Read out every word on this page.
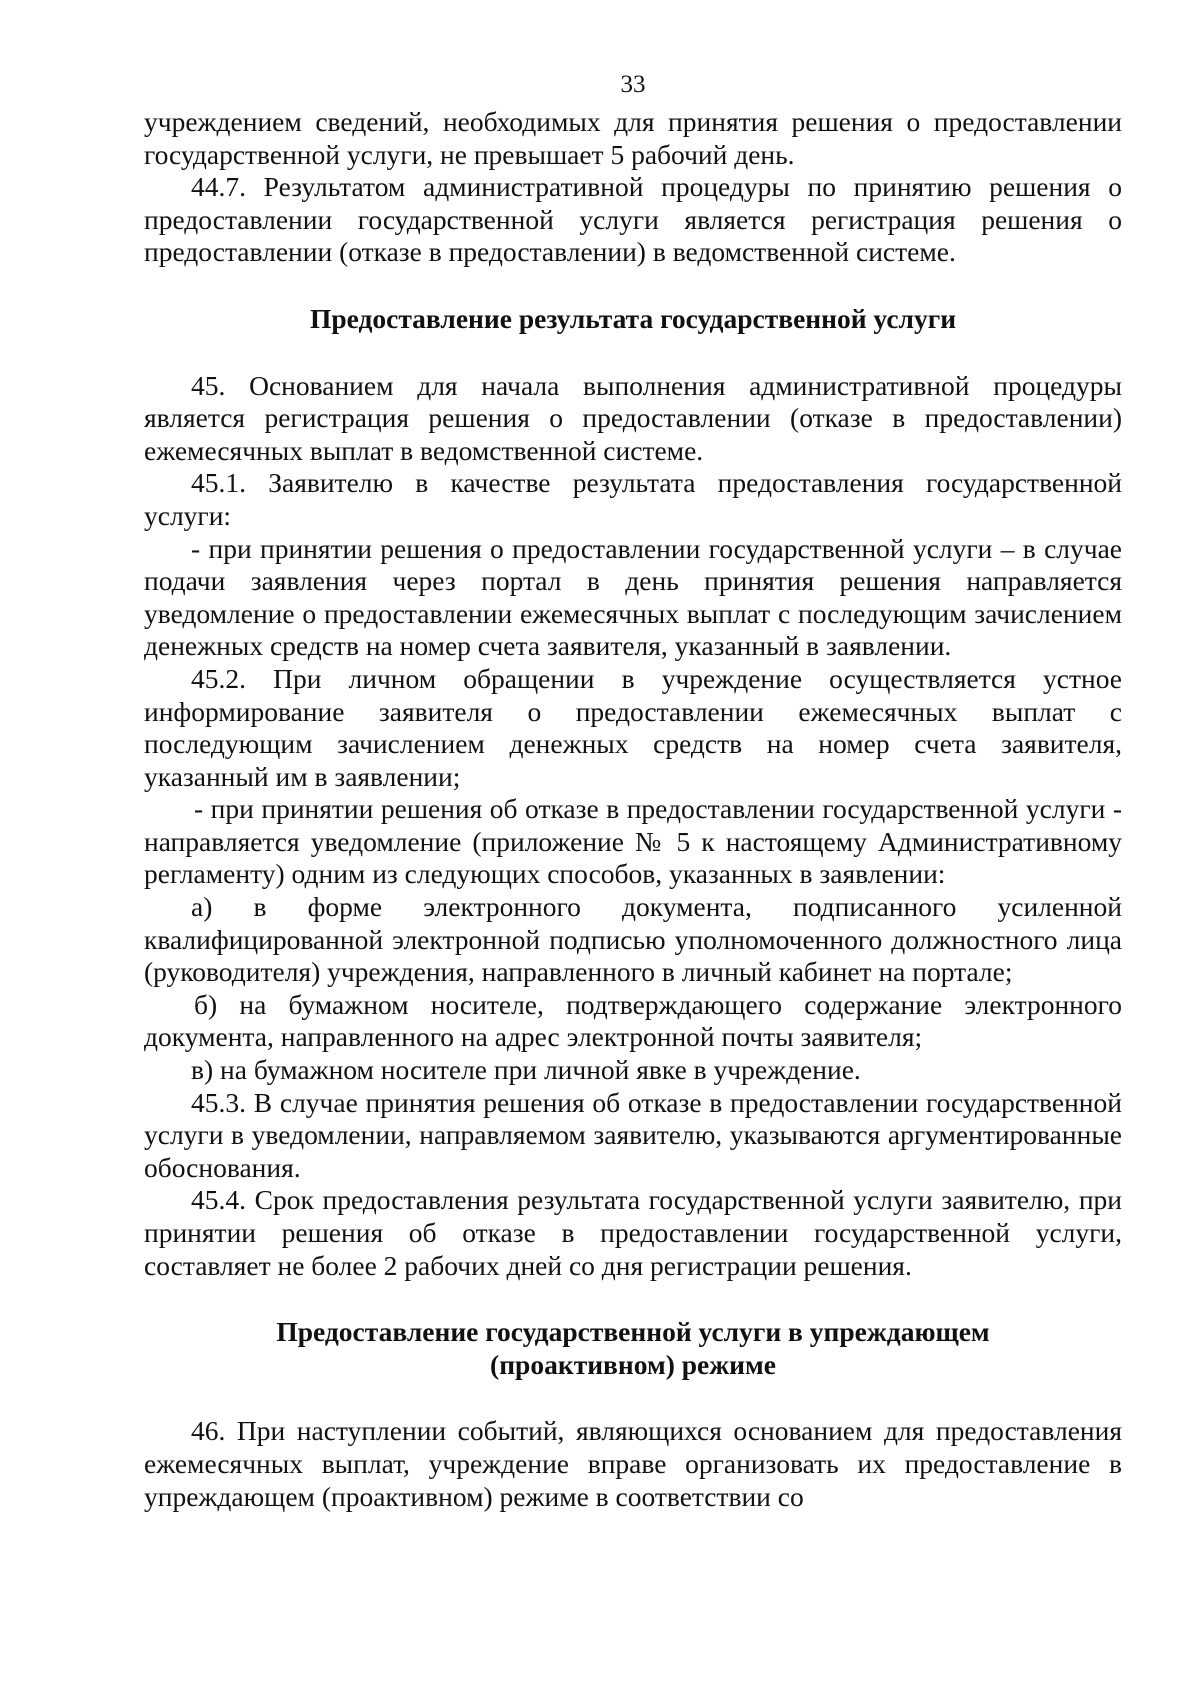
33

учреждением сведений, необходимых для принятия решения о предоставлении государственной услуги, не превышает 5 рабочий день.

44.7. Результатом административной процедуры по принятию решения о предоставлении государственной услуги является регистрация решения о предоставлении (отказе в предоставлении) в ведомственной системе.

Предоставление результата государственной услуги

45. Основанием для начала выполнения административной процедуры является регистрация решения о предоставлении (отказе в предоставлении) ежемесячных выплат в ведомственной системе.

45.1. Заявителю в качестве результата предоставления государственной услуги:

- при принятии решения о предоставлении государственной услуги – в случае подачи заявления через портал в день принятия решения направляется уведомление о предоставлении ежемесячных выплат с последующим зачислением денежных средств на номер счета заявителя, указанный в заявлении.

45.2. При личном обращении в учреждение осуществляется устное информирование заявителя о предоставлении ежемесячных выплат с последующим зачислением денежных средств на номер счета заявителя, указанный им в заявлении;

- при принятии решения об отказе в предоставлении государственной услуги - направляется уведомление (приложение № 5 к настоящему Административному регламенту) одним из следующих способов, указанных в заявлении:

а) в форме электронного документа, подписанного усиленной квалифицированной электронной подписью уполномоченного должностного лица (руководителя) учреждения, направленного в личный кабинет на портале;

б) на бумажном носителе, подтверждающего содержание электронного документа, направленного на адрес электронной почты заявителя;

в) на бумажном носителе при личной явке в учреждение.

45.3. В случае принятия решения об отказе в предоставлении государственной услуги в уведомлении, направляемом заявителю, указываются аргументированные обоснования.

45.4. Срок предоставления результата государственной услуги заявителю, при принятии решения об отказе в предоставлении государственной услуги, составляет не более 2 рабочих дней со дня регистрации решения.

Предоставление государственной услуги в упреждающем

(проактивном) режиме

46. При наступлении событий, являющихся основанием для предоставления ежемесячных выплат, учреждение вправе организовать их предоставление в упреждающем (проактивном) режиме в соответствии со
